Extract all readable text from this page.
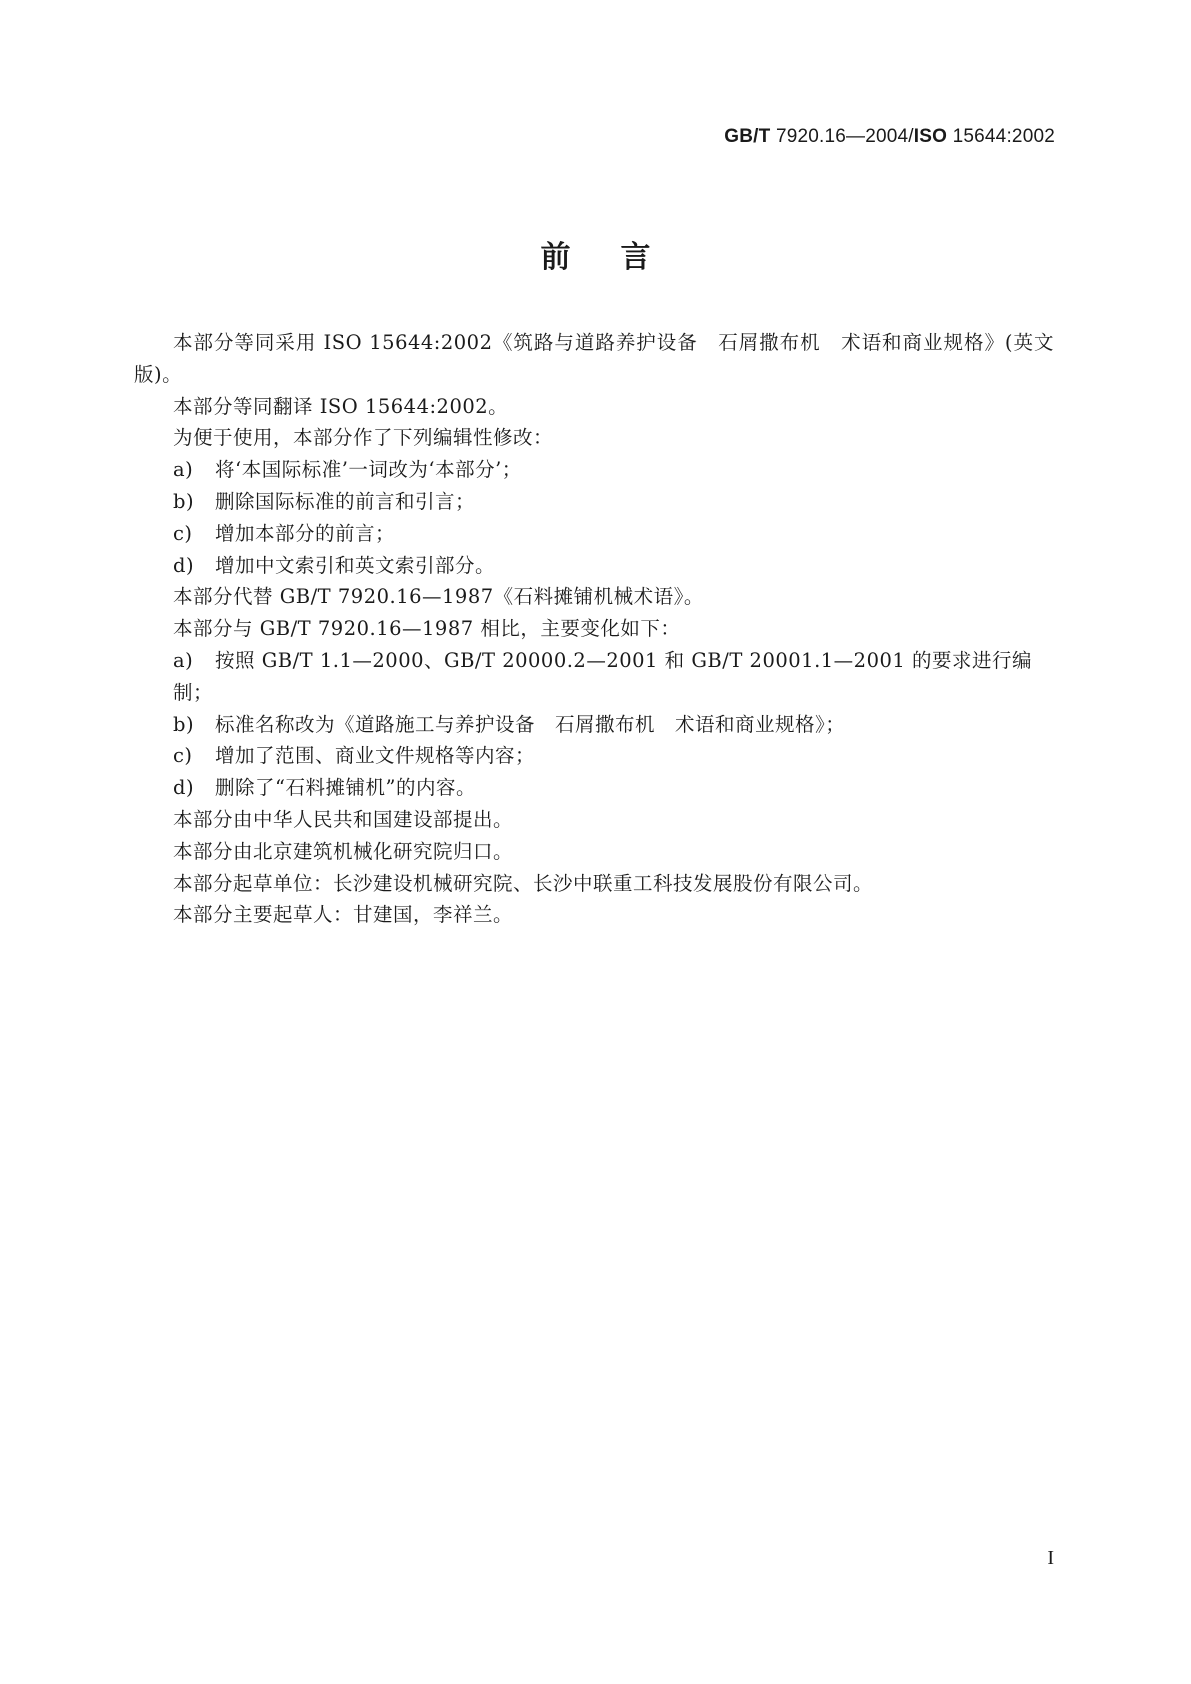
GB/T 7920.16—2004/ISO 15644:2002
前言

本部分等同采用 ISO 15644:2002《筑路与道路养护设备　石屑撒布机　术语和商业规格》(英文版)。

本部分等同翻译 ISO 15644:2002。

为便于使用，本部分作了下列编辑性修改：

a) 将‘本国际标准’一词改为‘本部分’；

b) 删除国际标准的前言和引言；

c) 增加本部分的前言；

d) 增加中文索引和英文索引部分。

本部分代替 GB/T 7920.16—1987《石料摊铺机械术语》。

本部分与 GB/T 7920.16—1987 相比，主要变化如下：

a) 按照 GB/T 1.1—2000、GB/T 20000.2—2001 和 GB/T 20001.1—2001 的要求进行编制；

b) 标准名称改为《道路施工与养护设备　石屑撒布机　术语和商业规格》；

c) 增加了范围、商业文件规格等内容；

d) 删除了“石料摊铺机”的内容。

本部分由中华人民共和国建设部提出。

本部分由北京建筑机械化研究院归口。

本部分起草单位：长沙建设机械研究院、长沙中联重工科技发展股份有限公司。

本部分主要起草人：甘建国，李祥兰。

I
